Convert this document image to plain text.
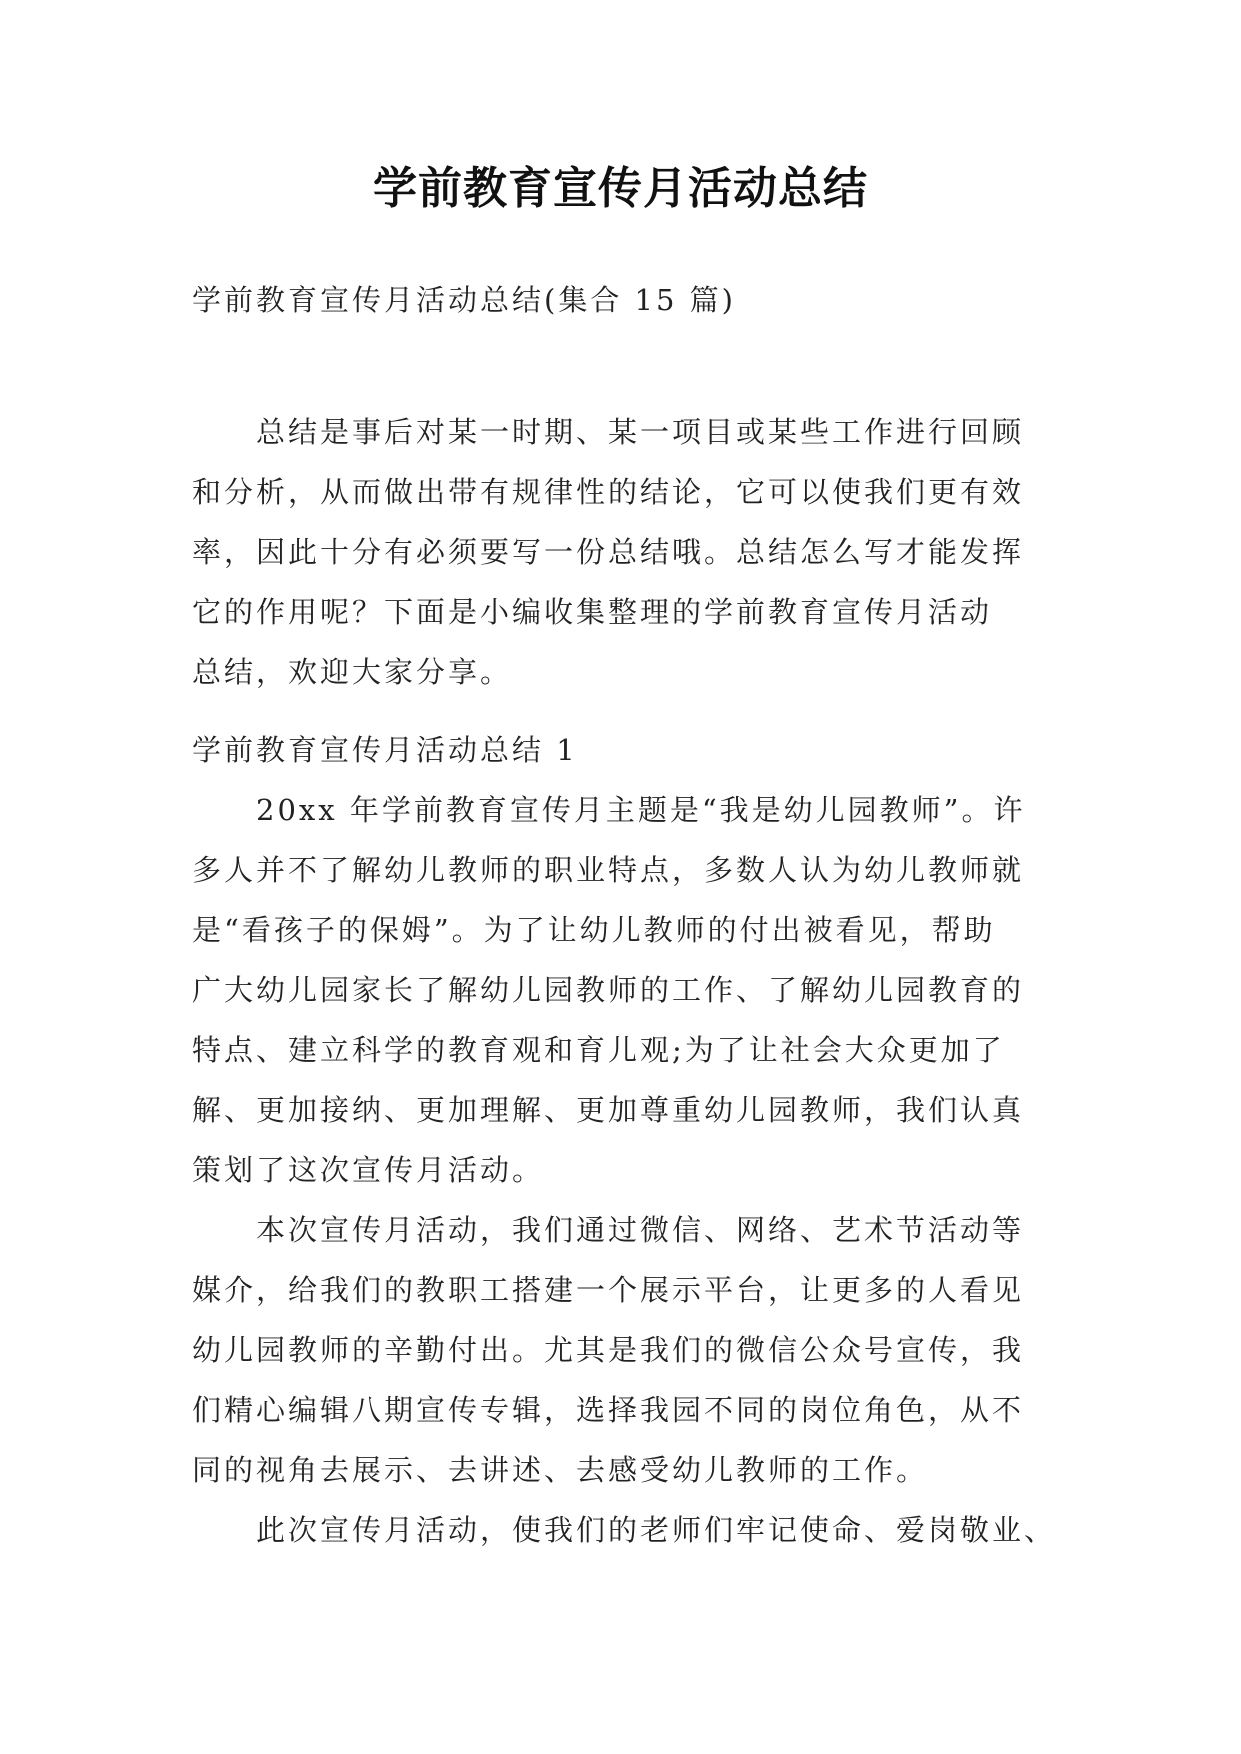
学前教育宣传月活动总结

学前教育宣传月活动总结(集合 15 篇)

总结是事后对某一时期、某一项目或某些工作进行回顾
和分析，从而做出带有规律性的结论，它可以使我们更有效
率，因此十分有必须要写一份总结哦。总结怎么写才能发挥
它的作用呢？下面是小编收集整理的学前教育宣传月活动
总结，欢迎大家分享。

学前教育宣传月活动总结 1

20xx 年学前教育宣传月主题是“我是幼儿园教师”。许
多人并不了解幼儿教师的职业特点，多数人认为幼儿教师就
是“看孩子的保姆”。为了让幼儿教师的付出被看见，帮助
广大幼儿园家长了解幼儿园教师的工作、了解幼儿园教育的
特点、建立科学的教育观和育儿观;为了让社会大众更加了
解、更加接纳、更加理解、更加尊重幼儿园教师，我们认真
策划了这次宣传月活动。
本次宣传月活动，我们通过微信、网络、艺术节活动等
媒介，给我们的教职工搭建一个展示平台，让更多的人看见
幼儿园教师的辛勤付出。尤其是我们的微信公众号宣传，我
们精心编辑八期宣传专辑，选择我园不同的岗位角色，从不
同的视角去展示、去讲述、去感受幼儿教师的工作。
此次宣传月活动，使我们的老师们牢记使命、爱岗敬业、
